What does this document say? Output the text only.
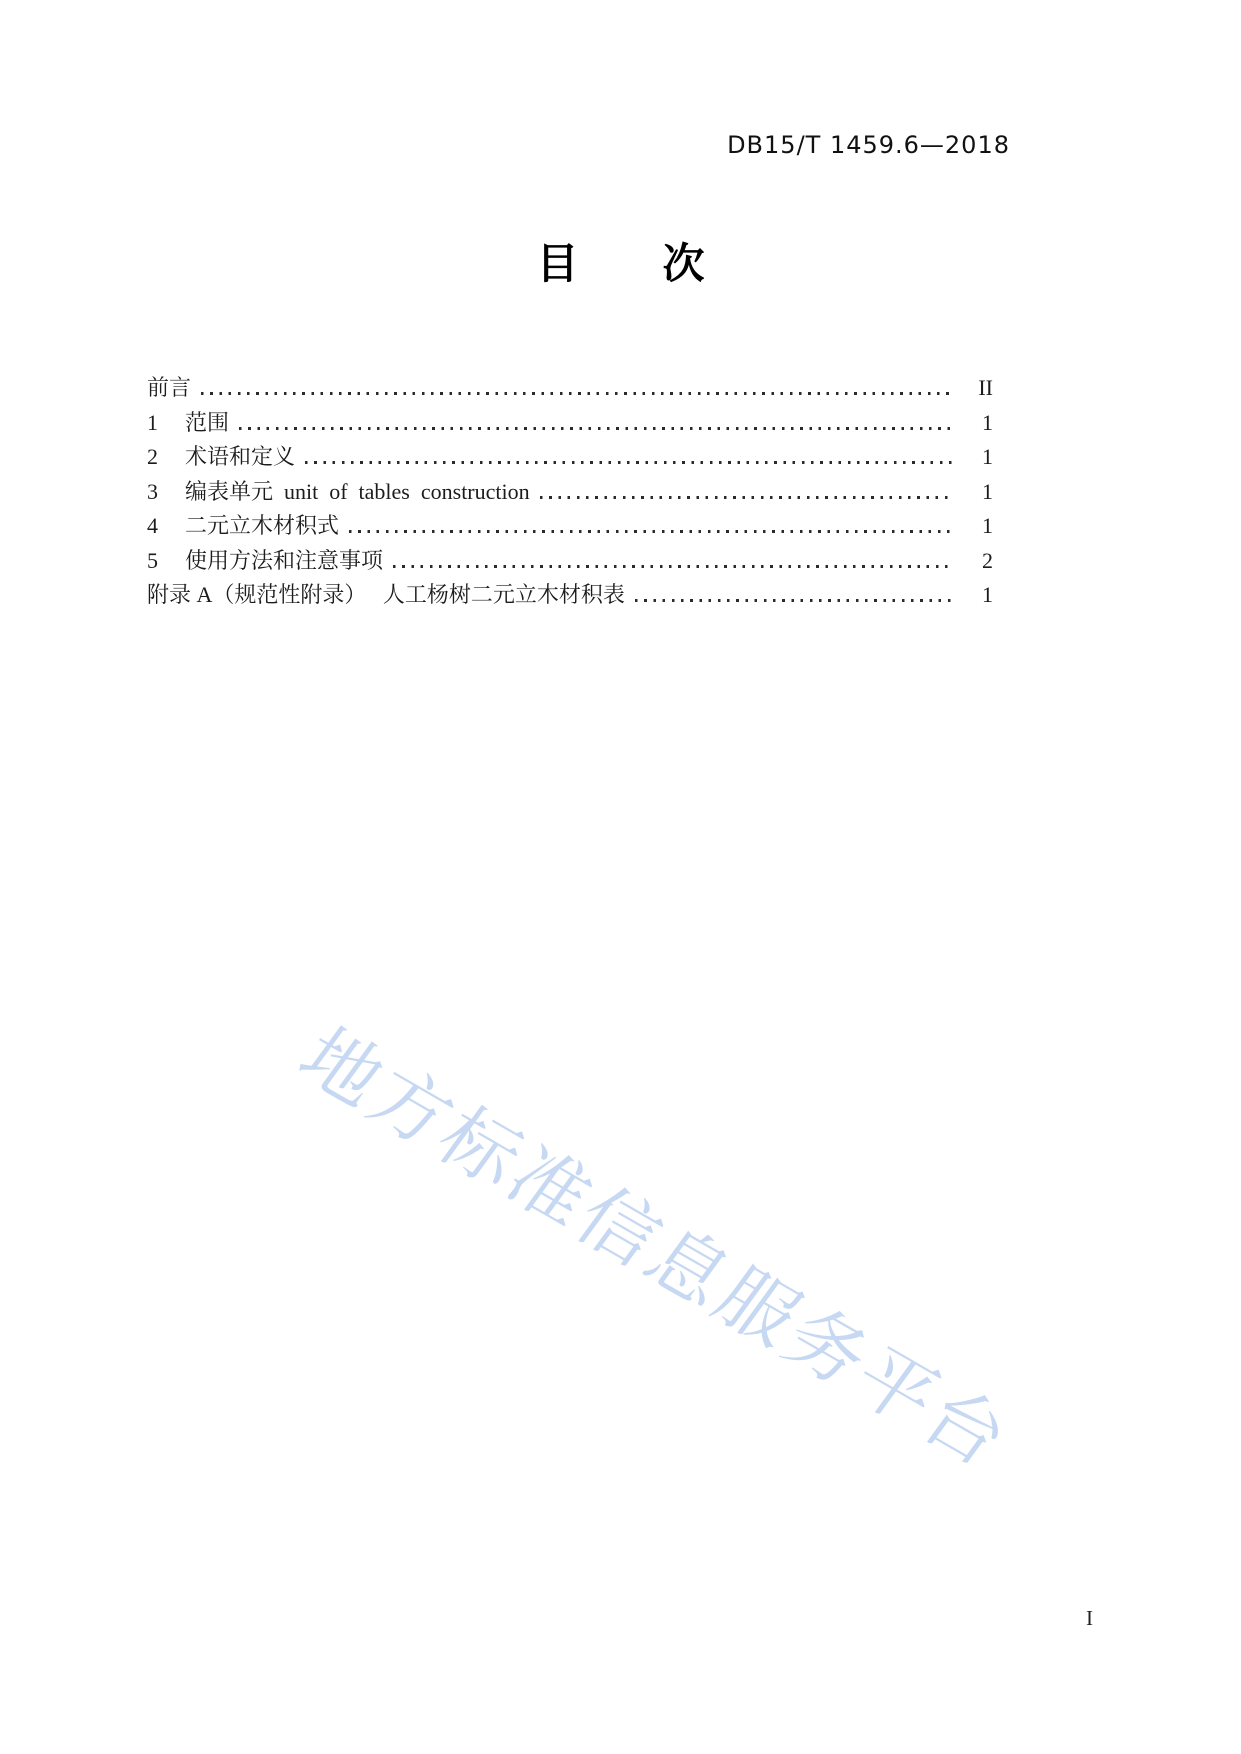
DB15/T 1459.6—2018
目　　次
前言	II
1	范围	1
2	术语和定义	1
3	编表单元  unit  of  tables  construction	1
4	二元立木材积式	1
5	使用方法和注意事项	2
附录 A（规范性附录）　 人工杨树二元立木材积表	1
地方标准信息服务平台
I
